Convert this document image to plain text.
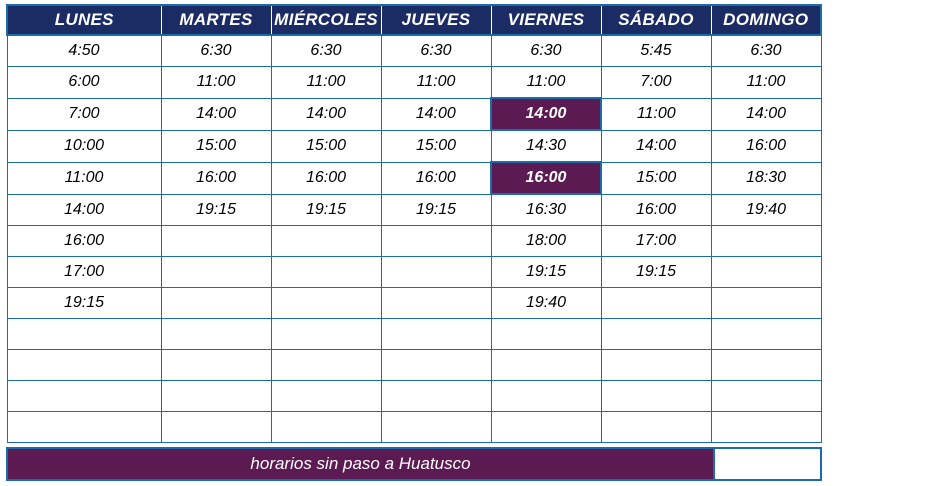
LUNES	MARTES	MIÉRCOLES	JUEVES	VIERNES	SÁBADO	DOMINGO
4:50	6:30	6:30	6:30	6:30	5:45	6:30
6:00	11:00	11:00	11:00	11:00	7:00	11:00
7:00	14:00	14:00	14:00	14:00	11:00	14:00
10:00	15:00	15:00	15:00	14:30	14:00	16:00
11:00	16:00	16:00	16:00	16:00	15:00	18:30
14:00	19:15	19:15	19:15	16:30	16:00	19:40
16:00				18:00	17:00	
17:00				19:15	19:15	
19:15				19:40		

horarios sin paso a Huatusco
